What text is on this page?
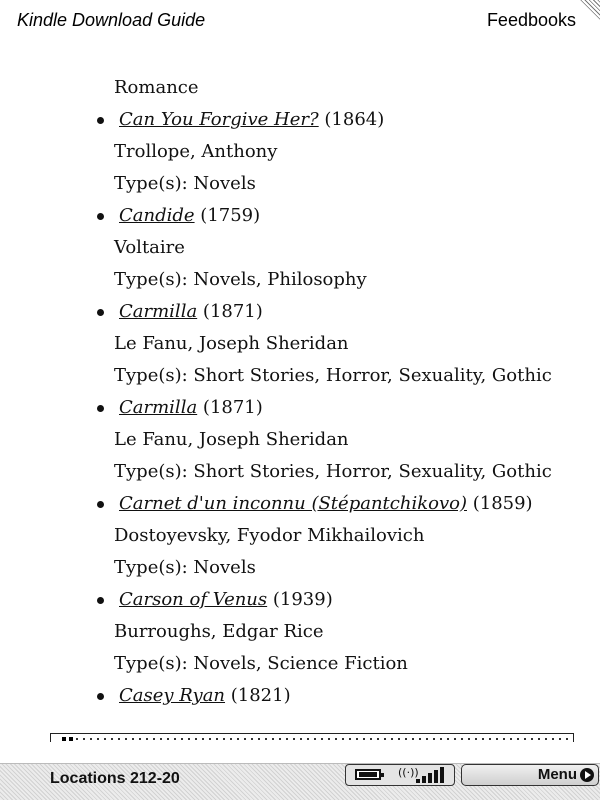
Kindle Download Guide	Feedbooks
Romance
Can You Forgive Her? (1864)
Trollope, Anthony
Type(s): Novels
Candide (1759)
Voltaire
Type(s): Novels, Philosophy
Carmilla (1871)
Le Fanu, Joseph Sheridan
Type(s): Short Stories, Horror, Sexuality, Gothic
Carmilla (1871)
Le Fanu, Joseph Sheridan
Type(s): Short Stories, Horror, Sexuality, Gothic
Carnet d'un inconnu (Stépantchikovo) (1859)
Dostoyevsky, Fyodor Mikhailovich
Type(s): Novels
Carson of Venus (1939)
Burroughs, Edgar Rice
Type(s): Novels, Science Fiction
Casey Ryan (1821)
Locations 212-20	((·))	Menu
